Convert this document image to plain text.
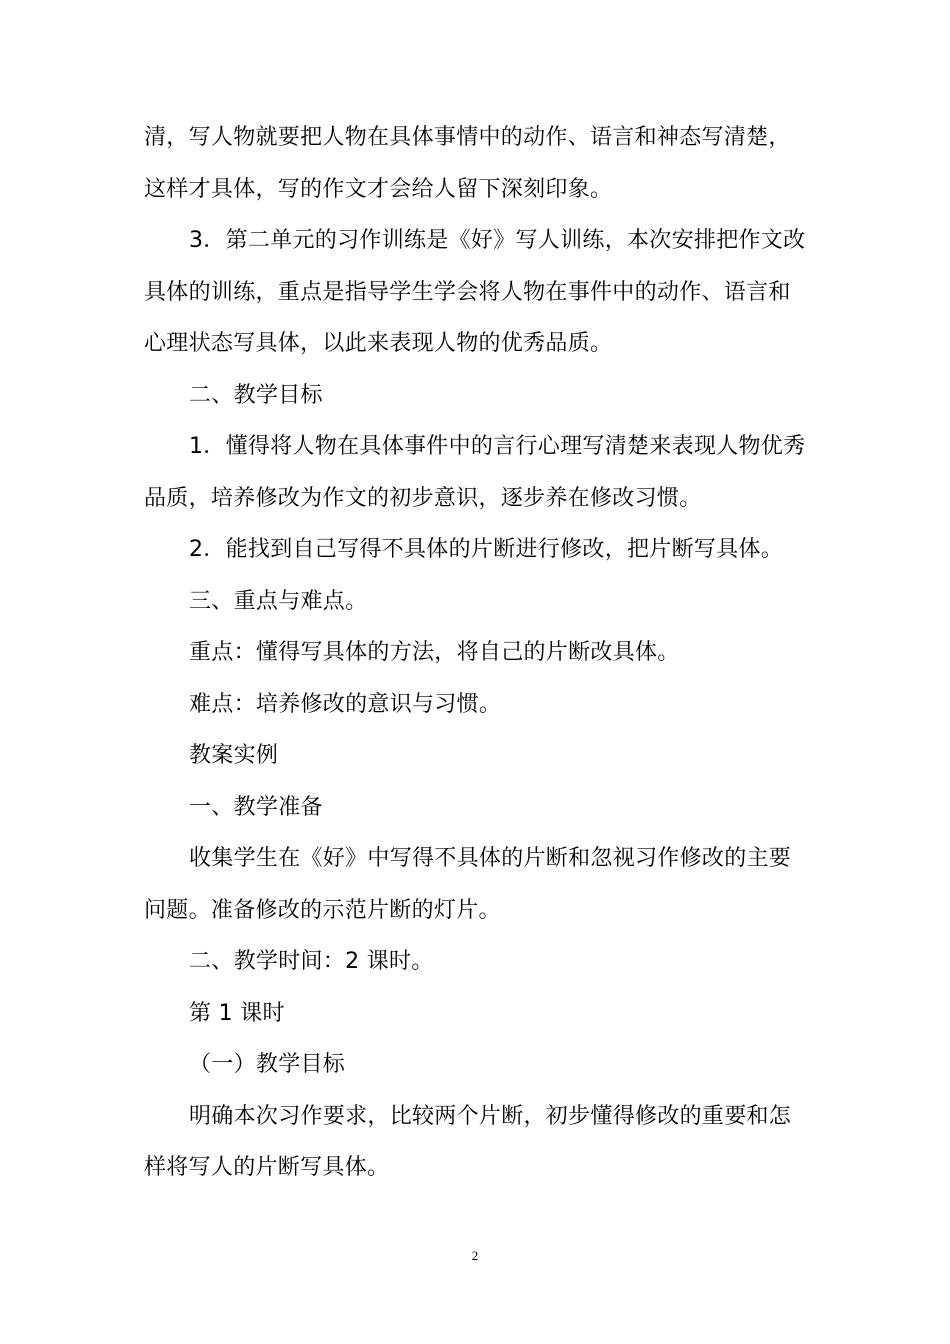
清，写人物就要把人物在具体事情中的动作、语言和神态写清楚，
这样才具体，写的作文才会给人留下深刻印象。
3．第二单元的习作训练是《好》写人训练，本次安排把作文改
具体的训练，重点是指导学生学会将人物在事件中的动作、语言和
心理状态写具体，以此来表现人物的优秀品质。
二、教学目标
1．懂得将人物在具体事件中的言行心理写清楚来表现人物优秀
品质，培养修改为作文的初步意识，逐步养在修改习惯。
2．能找到自己写得不具体的片断进行修改，把片断写具体。
三、重点与难点。
重点：懂得写具体的方法，将自己的片断改具体。
难点：培养修改的意识与习惯。
教案实例
一、教学准备
收集学生在《好》中写得不具体的片断和忽视习作修改的主要
问题。准备修改的示范片断的灯片。
二、教学时间：2 课时。
第 1 课时
（一）教学目标
明确本次习作要求，比较两个片断，初步懂得修改的重要和怎
样将写人的片断写具体。
2
